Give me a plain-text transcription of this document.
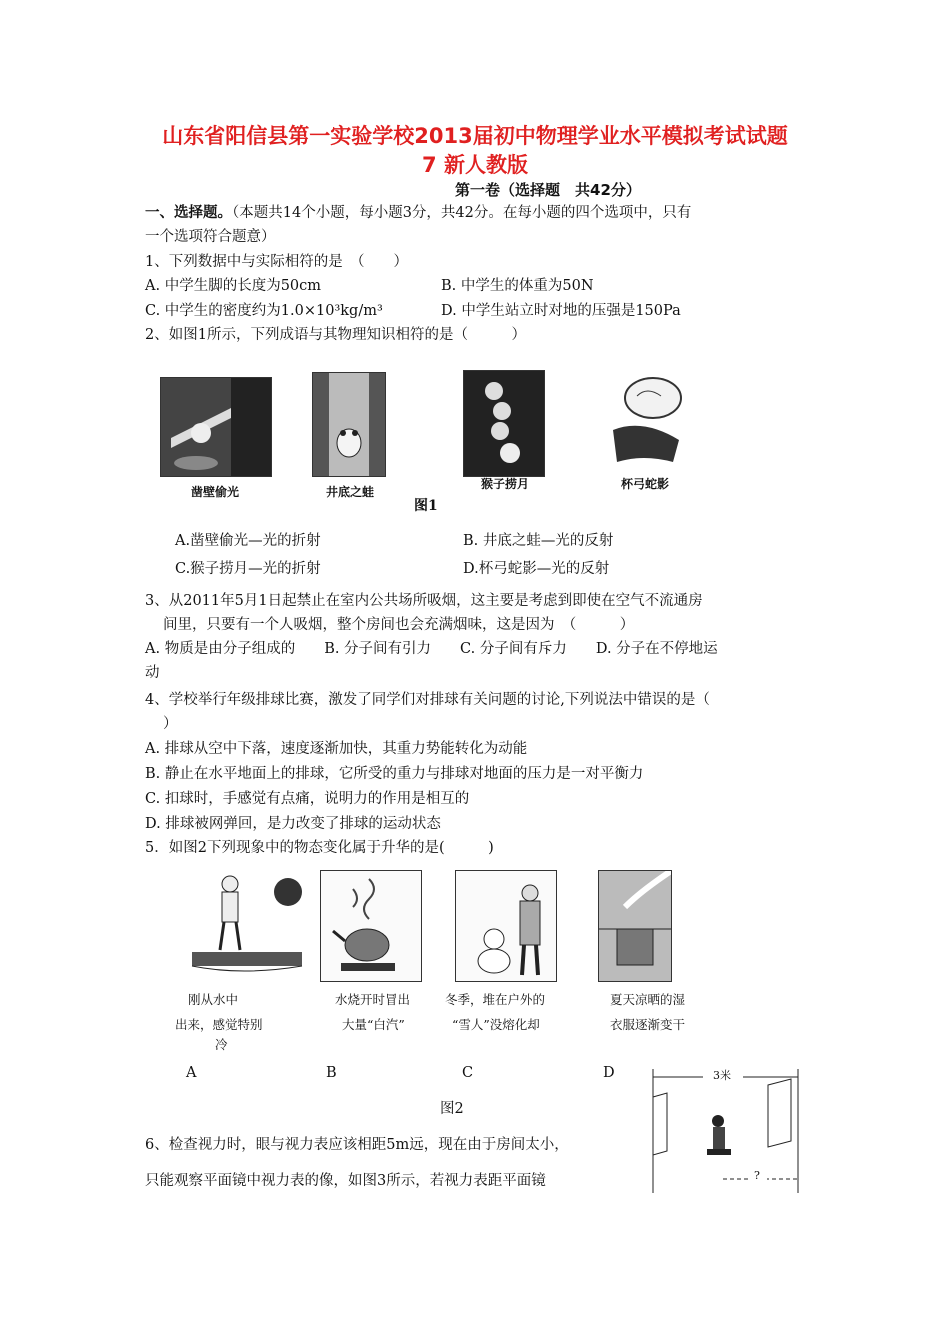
山东省阳信县第一实验学校2013届初中物理学业水平模拟考试试题
7 新人教版
第一卷（选择题　共42分）
一、选择题。（本题共14个小题，每小题3分，共42分。在每小题的四个选项中，只有
一个选项符合题意）
1、下列数据中与实际相符的是　（　　）
A. 中学生脚的长度为50cm	B. 中学生的体重为50N
C. 中学生的密度约为1.0×10³kg/m³	D. 中学生站立时对地的压强是150Pa
2、如图1所示，下列成语与其物理知识相符的是（　　　）
凿壁偷光	井底之蛙
猴子捞月	杯弓蛇影
图1
A.凿壁偷光—光的折射	B. 井底之蛙—光的反射
C.猴子捞月—光的折射	D.杯弓蛇影—光的反射
3、从2011年5月1日起禁止在室内公共场所吸烟，这主要是考虑到即使在空气不流通房
间里，只要有一个人吸烟，整个房间也会充满烟味，这是因为　（　　　）
A. 物质是由分子组成的　　B. 分子间有引力　　C. 分子间有斥力　　D. 分子在不停地运
动
4、学校举行年级排球比赛，激发了同学们对排球有关问题的讨论,下列说法中错误的是（
）
A. 排球从空中下落，速度逐渐加快，其重力势能转化为动能
B. 静止在水平地面上的排球，它所受的重力与排球对地面的压力是一对平衡力
C. 扣球时，手感觉有点痛，说明力的作用是相互的
D. 排球被网弹回，是力改变了排球的运动状态
5．如图2下列现象中的物态变化属于升华的是(　　　)
刚从水中
出来，感觉特别
冷
水烧开时冒出
大量“白汽”
冬季，堆在户外的
“雪人”没熔化却
夏天凉晒的湿
衣服逐渐变干
A	B	C	D
图2
3米
?
6、检查视力时，眼与视力表应该相距5m远，现在由于房间太小，
只能观察平面镜中视力表的像，如图3所示，若视力表距平面镜
